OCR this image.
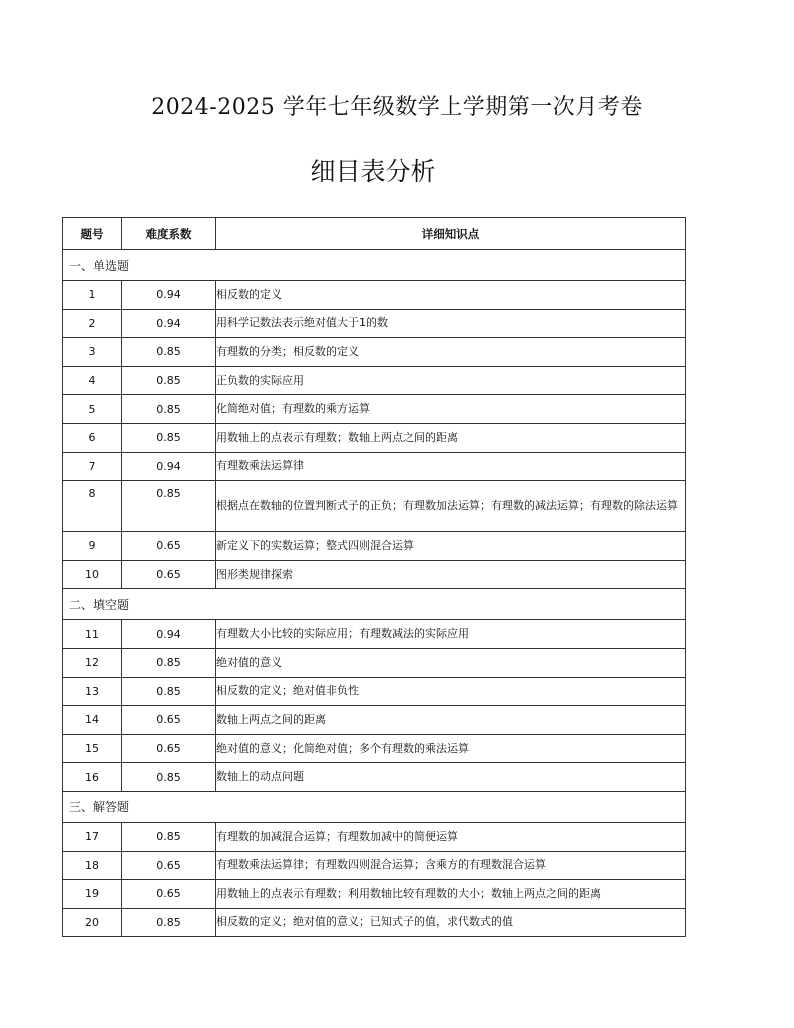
2024-2025 学年七年级数学上学期第一次月考卷
细目表分析
题号	难度系数	详细知识点
一、单选题		
1	0.94	相反数的定义
2	0.94	用科学记数法表示绝对值大于1的数
3	0.85	有理数的分类；相反数的定义
4	0.85	正负数的实际应用
5	0.85	化简绝对值；有理数的乘方运算
6	0.85	用数轴上的点表示有理数；数轴上两点之间的距离
7	0.94	有理数乘法运算律
8	0.85	根据点在数轴的位置判断式子的正负；有理数加法运算；有理数的减法运算；有理数的除法运算
9	0.65	新定义下的实数运算；整式四则混合运算
10	0.65	图形类规律探索
二、填空题		
11	0.94	有理数大小比较的实际应用；有理数减法的实际应用
12	0.85	绝对值的意义
13	0.85	相反数的定义；绝对值非负性
14	0.65	数轴上两点之间的距离
15	0.65	绝对值的意义；化简绝对值；多个有理数的乘法运算
16	0.85	数轴上的动点问题
三、解答题		
17	0.85	有理数的加减混合运算；有理数加减中的简便运算
18	0.65	有理数乘法运算律；有理数四则混合运算；含乘方的有理数混合运算
19	0.65	用数轴上的点表示有理数；利用数轴比较有理数的大小；数轴上两点之间的距离
20	0.85	相反数的定义；绝对值的意义；已知式子的值，求代数式的值
